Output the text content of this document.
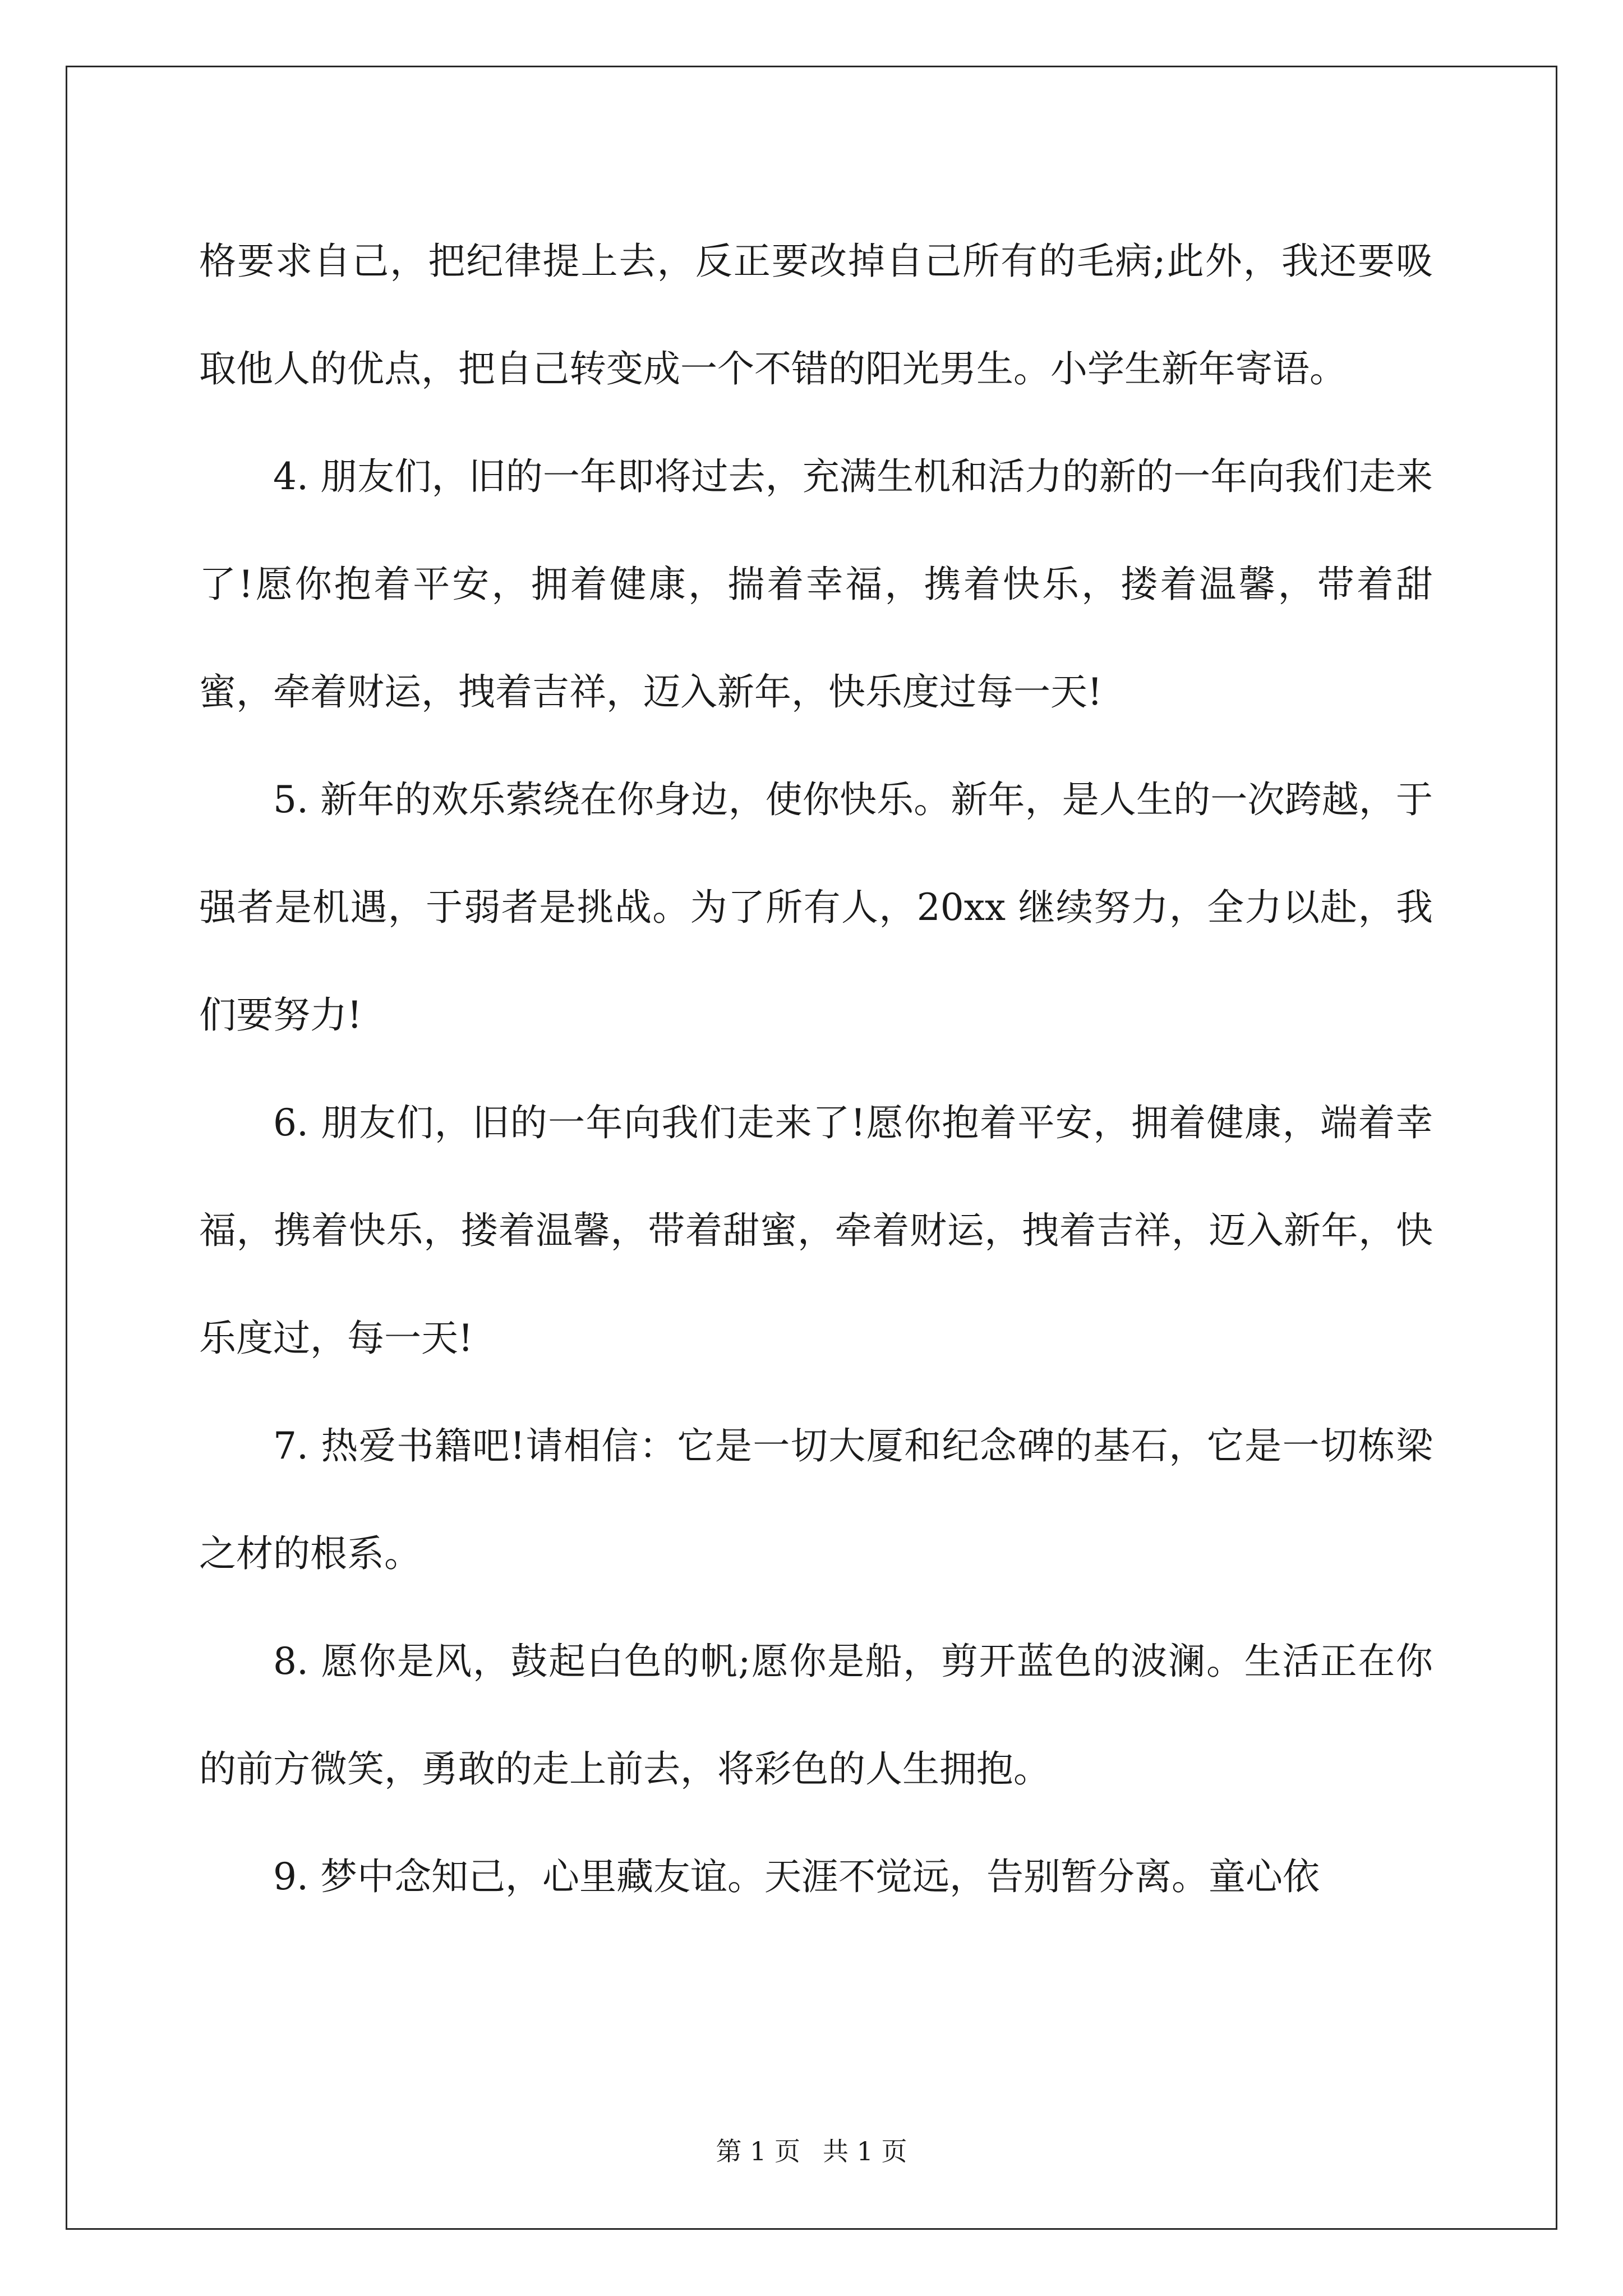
格要求自己，把纪律提上去，反正要改掉自己所有的毛病;此外，我还要吸取他人的优点，把自己转变成一个不错的阳光男生。小学生新年寄语。

4. 朋友们，旧的一年即将过去，充满生机和活力的新的一年向我们走来了!愿你抱着平安，拥着健康，揣着幸福，携着快乐，搂着温馨，带着甜蜜，牵着财运，拽着吉祥，迈入新年，快乐度过每一天!

5. 新年的欢乐萦绕在你身边，使你快乐。新年，是人生的一次跨越，于强者是机遇，于弱者是挑战。为了所有人，20xx 继续努力，全力以赴，我们要努力!

6. 朋友们，旧的一年向我们走来了!愿你抱着平安，拥着健康，端着幸福，携着快乐，搂着温馨，带着甜蜜，牵着财运，拽着吉祥，迈入新年，快乐度过，每一天!

7. 热爱书籍吧!请相信：它是一切大厦和纪念碑的基石，它是一切栋梁之材的根系。

8. 愿你是风，鼓起白色的帆;愿你是船，剪开蓝色的波澜。生活正在你的前方微笑，勇敢的走上前去，将彩色的人生拥抱。

9. 梦中念知己，心里藏友谊。天涯不觉远，告别暂分离。童心依

第 1 页 共 1 页
